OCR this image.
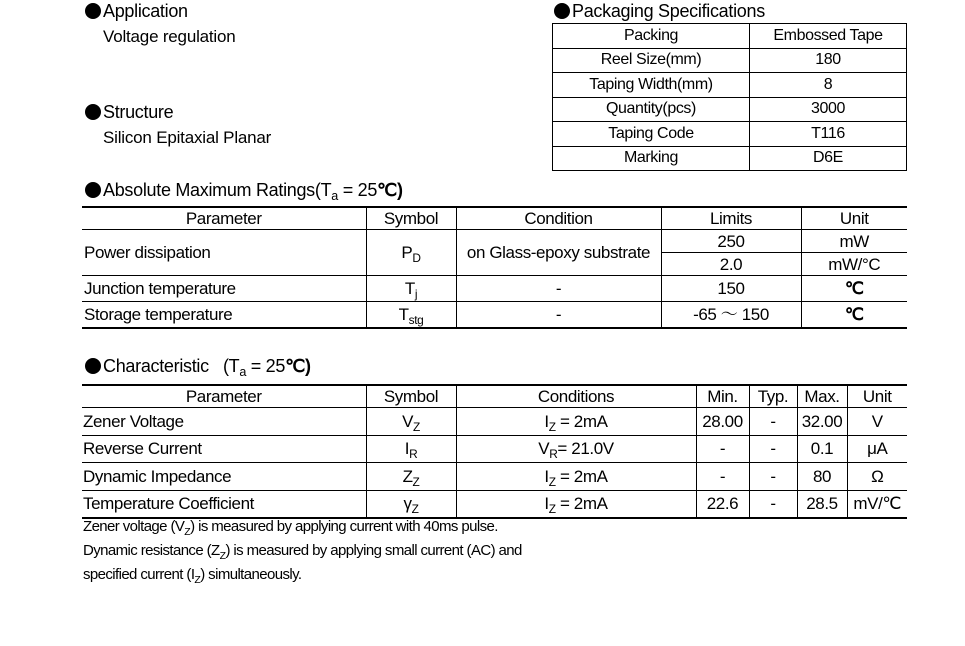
Application
Voltage regulation
Structure
Silicon Epitaxial Planar
Packaging Specifications
Packing	Embossed Tape
Reel Size(mm)	180
Taping Width(mm)	8
Quantity(pcs)	3000
Taping Code	T116
Marking	D6E
Absolute Maximum $Ratings(T_a$ = 25℃)
Parameter	Symbol	Condition	Limits	Unit
Power dissipation	$P_D$	on Glass-epoxy substrate	250	mW
			2.0	mW/°C
Junction temperature	$T_j$	-	150	℃
Storage temperature	$T_{stg}$	-	-65 ～ 150	℃
Characteristic ($T_a$ = 25℃)
Parameter	Symbol	Conditions	Min.	Typ.	Max.	Unit
Zener Voltage	$V_Z$	$I_Z = 2mA$	28.00	-	32.00	V
Reverse Current	$I_R$	$V_R= 21.0V$	-	-	0.1	μA
Dynamic Impedance	$Z_Z$	$I_Z = 2mA$	-	-	80	Ω
Temperature Coefficient	$\gamma_Z$	$I_Z = 2mA$	22.6	-	28.5	mV/℃
Zener voltage $(V_Z)$ is measured by applying current with 40ms pulse.
Dynamic resistance $(Z_Z)$ is measured by applying small current (AC) and
specified current $(I_Z)$ simultaneously.
